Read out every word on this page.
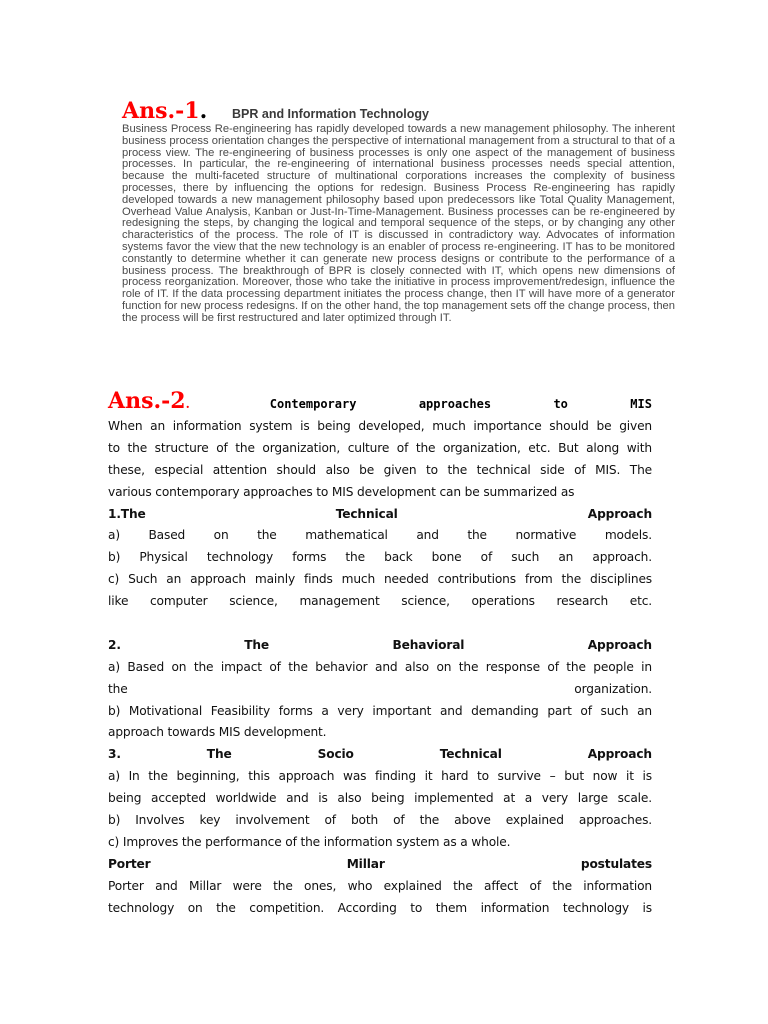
Ans.-1. BPR and Information Technology

Business Process Re-engineering has rapidly developed towards a new management philosophy. The inherent business process orientation changes the perspective of international management from a structural to that of a process view. The re-engineering of business processes is only one aspect of the management of business processes. In particular, the re-engineering of international business processes needs special attention, because the multi-faceted structure of multinational corporations increases the complexity of business processes, there by influencing the options for redesign. Business Process Re-engineering has rapidly developed towards a new management philosophy based upon predecessors like Total Quality Management, Overhead Value Analysis, Kanban or Just-In-Time-Management. Business processes can be re-engineered by redesigning the steps, by changing the logical and temporal sequence of the steps, or by changing any other characteristics of the process. The role of IT is discussed in contradictory way. Advocates of information systems favor the view that the new technology is an enabler of process re-engineering. IT has to be monitored constantly to determine whether it can generate new process designs or contribute to the performance of a business process. The breakthrough of BPR is closely connected with IT, which opens new dimensions of process reorganization. Moreover, those who take the initiative in process improvement/redesign, influence the role of IT. If the data processing department initiates the process change, then IT will have more of a generator function for new process redesigns. If on the other hand, the top management sets off the change process, then the process will be first restructured and later optimized through IT.

Ans.-2.	Contemporary	approaches	to	MIS
When an information system is being developed, much importance should be given
to the structure of the organization, culture of the organization, etc. But along with
these, especial attention should also be given to the technical side of MIS. The
various contemporary approaches to MIS development can be summarized as
1.The	Technical	Approach
a) Based on the mathematical and the normative models.
b) Physical technology forms the back bone of such an approach.
c) Such an approach mainly finds much needed contributions from the disciplines
like computer science, management science, operations research etc.
2.	The	Behavioral	Approach
a) Based on the impact of the behavior and also on the response of the people in
the	organization.
b) Motivational Feasibility forms a very important and demanding part of such an
approach towards MIS development.
3.	The	Socio	Technical	Approach
a) In the beginning, this approach was finding it hard to survive – but now it is
being accepted worldwide and is also being implemented at a very large scale.
b) Involves key involvement of both of the above explained approaches.
c) Improves the performance of the information system as a whole.
Porter	Millar	postulates
Porter and Millar were the ones, who explained the affect of the information
technology on the competition. According to them information technology is
